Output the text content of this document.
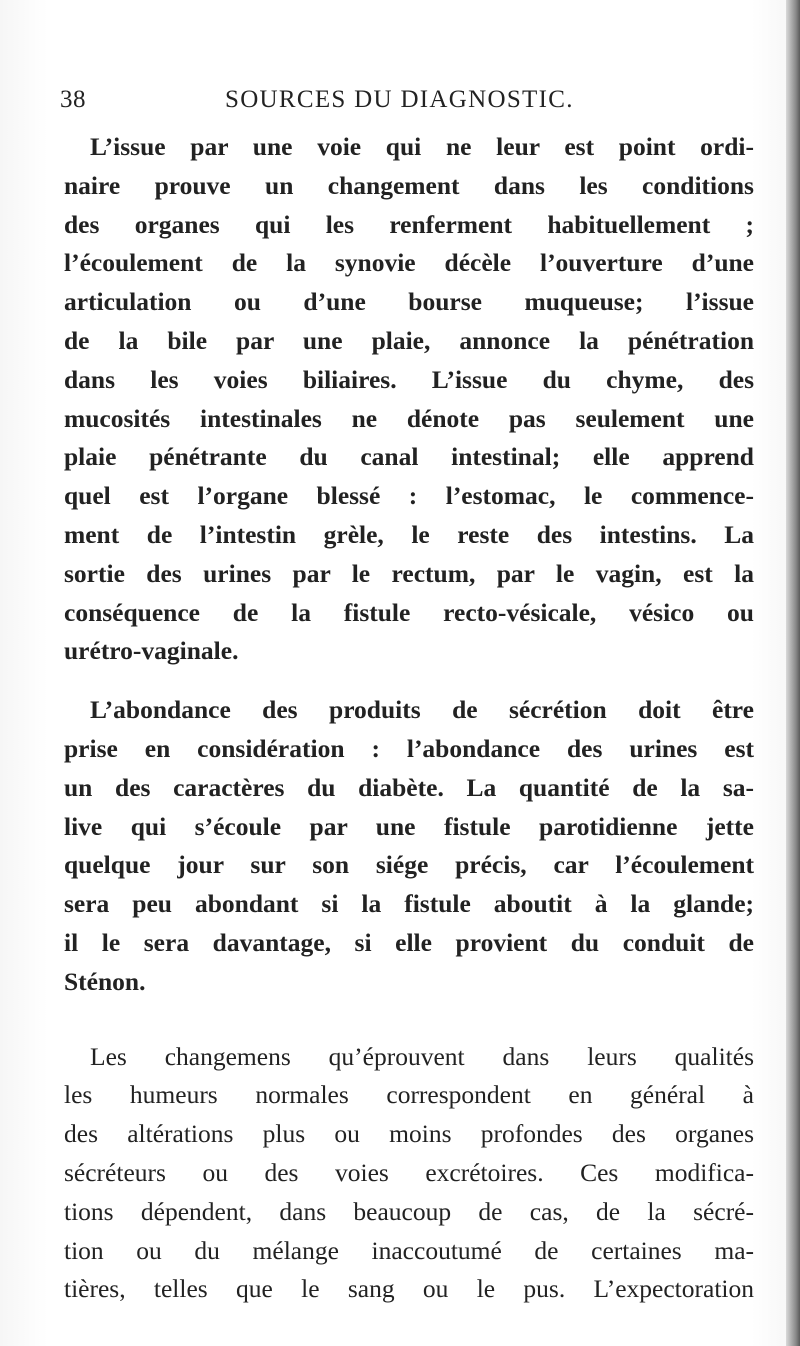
38	SOURCES DU DIAGNOSTIC.

L’issue par une voie qui ne leur est point ordi-
naire prouve un changement dans les conditions
des organes qui les renferment habituellement ;
l’écoulement de la synovie décèle l’ouverture d’une
articulation ou d’une bourse muqueuse; l’issue
de la bile par une plaie, annonce la pénétration
dans les voies biliaires. L’issue du chyme, des
mucosités intestinales ne dénote pas seulement une
plaie pénétrante du canal intestinal; elle apprend
quel est l’organe blessé : l’estomac, le commence-
ment de l’intestin grèle, le reste des intestins. La
sortie des urines par le rectum, par le vagin, est la
conséquence de la fistule recto-vésicale, vésico ou
urétro-vaginale.

L’abondance des produits de sécrétion doit être
prise en considération : l’abondance des urines est
un des caractères du diabète. La quantité de la sa-
live qui s’écoule par une fistule parotidienne jette
quelque jour sur son siége précis, car l’écoulement
sera peu abondant si la fistule aboutit à la glande;
il le sera davantage, si elle provient du conduit de
Sténon.

Les changemens qu’éprouvent dans leurs qualités
les humeurs normales correspondent en général à
des altérations plus ou moins profondes des organes
sécréteurs ou des voies excrétoires. Ces modifica-
tions dépendent, dans beaucoup de cas, de la sécré-
tion ou du mélange inaccoutumé de certaines ma-
tières, telles que le sang ou le pus. L’expectoration
